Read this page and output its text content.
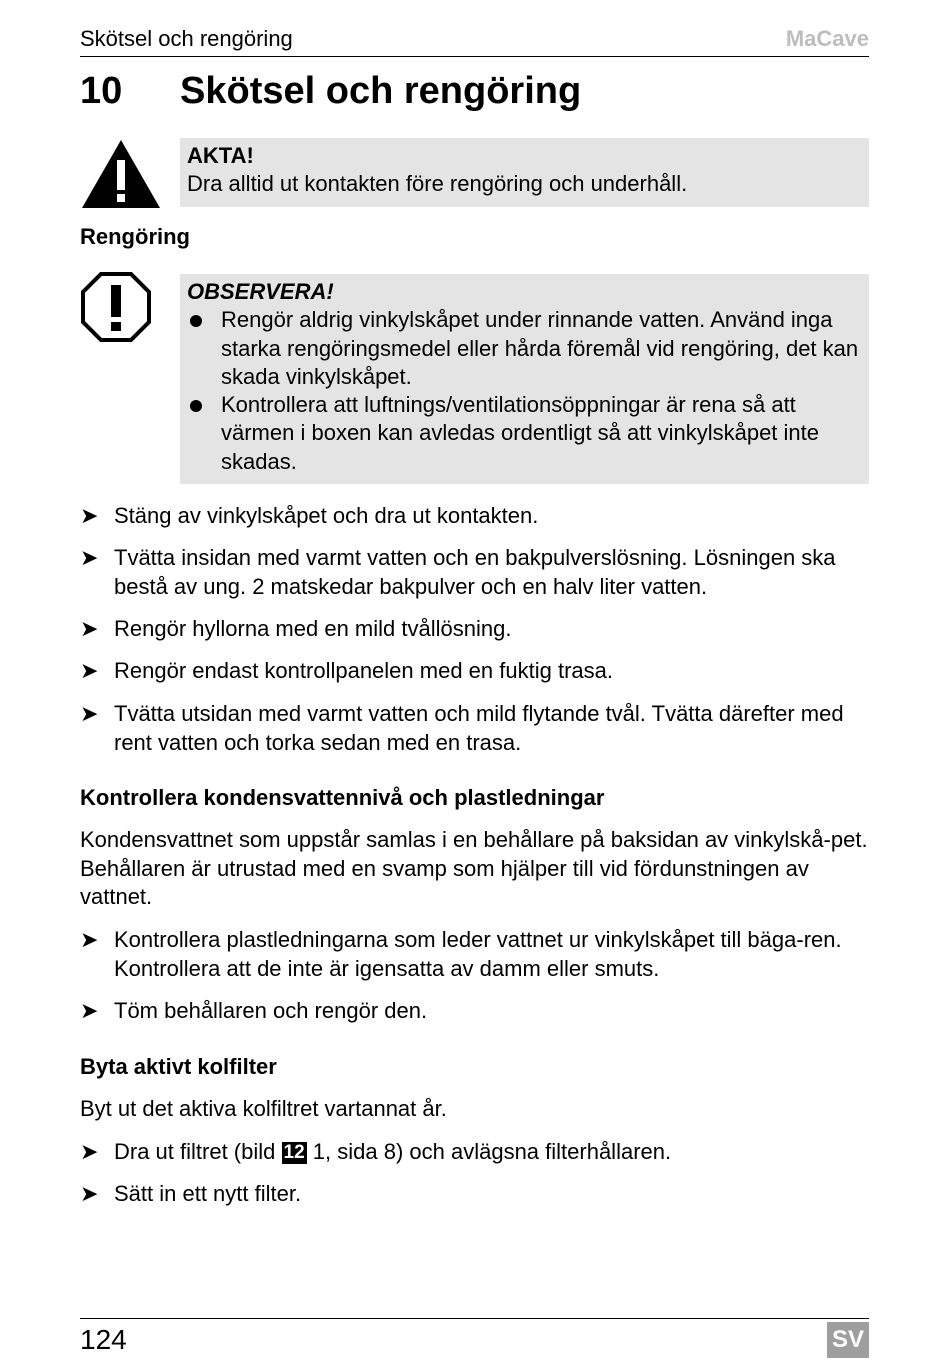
Skötsel och rengöring	MaCave
10 Skötsel och rengöring
AKTA!
Dra alltid ut kontakten före rengöring och underhåll.
Rengöring
OBSERVERA!
Rengör aldrig vinkylskåpet under rinnande vatten. Använd inga starka rengöringsmedel eller hårda föremål vid rengöring, det kan skada vinkylskåpet.
Kontrollera att luftnings/ventilationsöppningar är rena så att värmen i boxen kan avledas ordentligt så att vinkylskåpet inte skadas.
➤ Stäng av vinkylskåpet och dra ut kontakten.
➤ Tvätta insidan med varmt vatten och en bakpulverslösning. Lösningen ska bestå av ung. 2 matskedar bakpulver och en halv liter vatten.
➤ Rengör hyllorna med en mild tvållösning.
➤ Rengör endast kontrollpanelen med en fuktig trasa.
➤ Tvätta utsidan med varmt vatten och mild flytande tvål. Tvätta därefter med rent vatten och torka sedan med en trasa.
Kontrollera kondensvattennivå och plastledningar
Kondensvattnet som uppstår samlas i en behållare på baksidan av vinkylskå-pet. Behållaren är utrustad med en svamp som hjälper till vid fördunstningen av vattnet.
➤ Kontrollera plastledningarna som leder vattnet ur vinkylskåpet till bäga-ren. Kontrollera att de inte är igensatta av damm eller smuts.
➤ Töm behållaren och rengör den.
Byta aktivt kolfilter
Byt ut det aktiva kolfiltret vartannat år.
➤ Dra ut filtret (bild 12 1, sida 8) och avlägsna filterhållaren.
➤ Sätt in ett nytt filter.
124	SV
